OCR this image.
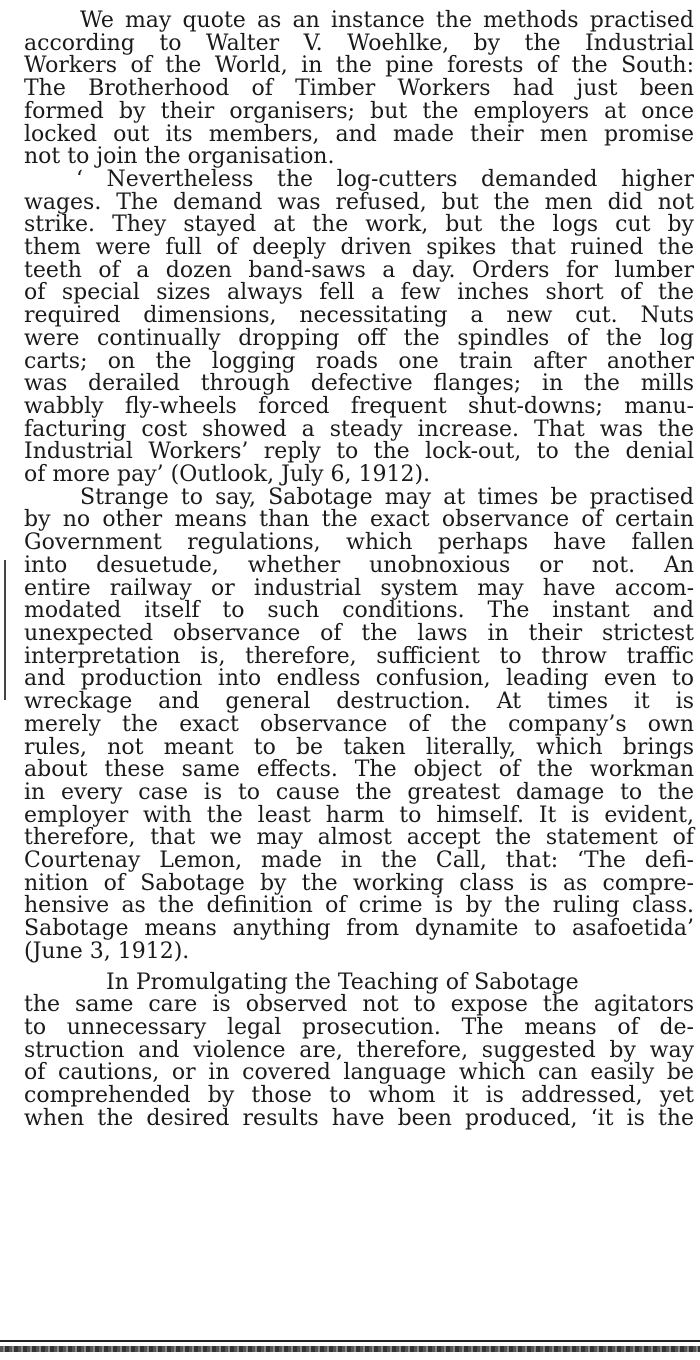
We may quote as an instance the methods practised
according to Walter V. Woehlke, by the Industrial
Workers of the World, in the pine forests of the South:
The Brotherhood of Timber Workers had just been
formed by their organisers; but the employers at once
locked out its members, and made their men promise
not to join the organisation.
‘ Nevertheless the log-cutters demanded higher
wages. The demand was refused, but the men did not
strike. They stayed at the work, but the logs cut by
them were full of deeply driven spikes that ruined the
teeth of a dozen band-saws a day. Orders for lumber
of special sizes always fell a few inches short of the
required dimensions, necessitating a new cut. Nuts
were continually dropping off the spindles of the log
carts; on the logging roads one train after another
was derailed through defective flanges; in the mills
wabbly fly-wheels forced frequent shut-downs; manu-
facturing cost showed a steady increase. That was the
Industrial Workers’ reply to the lock-out, to the denial
of more pay’ (Outlook, July 6, 1912).
Strange to say, Sabotage may at times be practised
by no other means than the exact observance of certain
Government regulations, which perhaps have fallen
into desuetude, whether unobnoxious or not. An
entire railway or industrial system may have accom-
modated itself to such conditions. The instant and
unexpected observance of the laws in their strictest
interpretation is, therefore, sufficient to throw traffic
and production into endless confusion, leading even to
wreckage and general destruction. At times it is
merely the exact observance of the company’s own
rules, not meant to be taken literally, which brings
about these same effects. The object of the workman
in every case is to cause the greatest damage to the
employer with the least harm to himself. It is evident,
therefore, that we may almost accept the statement of
Courtenay Lemon, made in the Call, that: ‘The defi-
nition of Sabotage by the working class is as compre-
hensive as the definition of crime is by the ruling class.
Sabotage means anything from dynamite to asafoetida’
(June 3, 1912).
In Promulgating the Teaching of Sabotage
the same care is observed not to expose the agitators
to unnecessary legal prosecution. The means of de-
struction and violence are, therefore, suggested by way
of cautions, or in covered language which can easily be
comprehended by those to whom it is addressed, yet
when the desired results have been produced, ‘it is the
